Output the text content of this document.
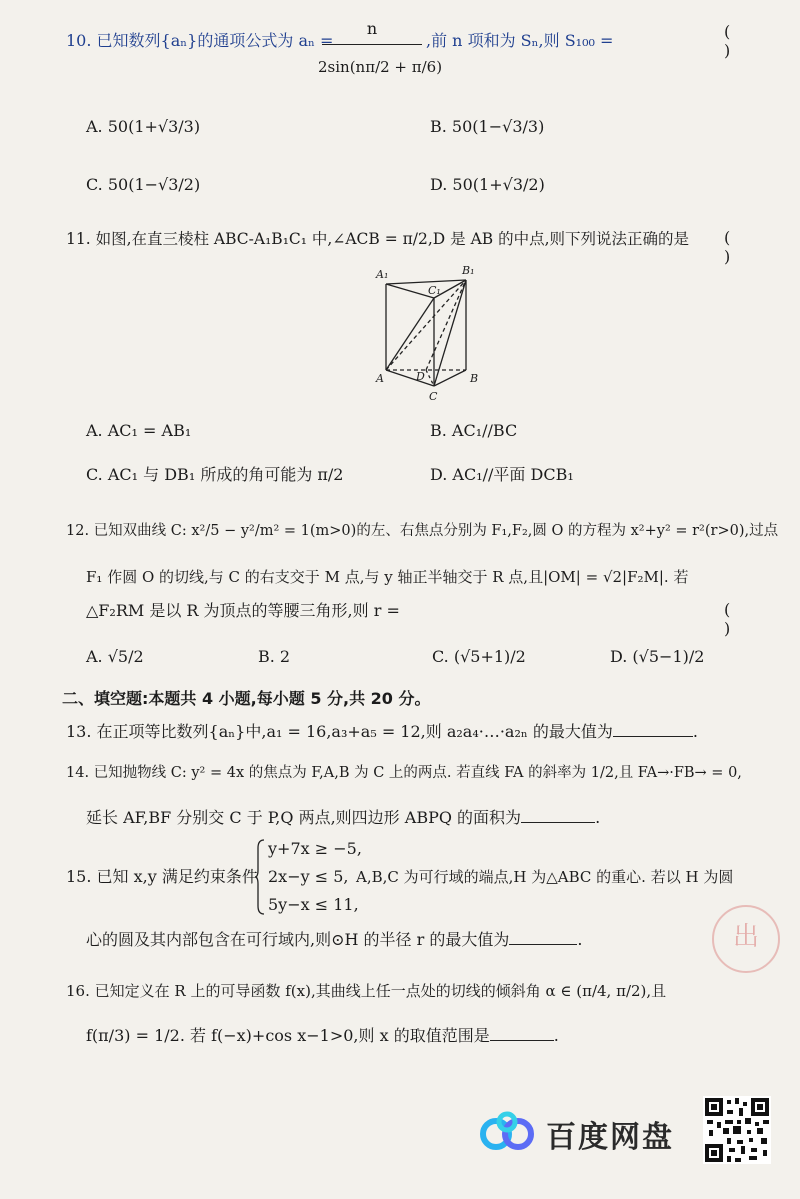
10. 已知数列{aₙ}的通项公式为 aₙ =
n
2sin(nπ/2 + π/6)
,前 n 项和为 Sₙ,则 S₁₀₀ =	( )
A. 50(1+√3/3)	B. 50(1−√3/3)
C. 50(1−√3/2)	D. 50(1+√3/2)
11. 如图,在直三棱柱 ABC-A₁B₁C₁ 中,∠ACB = π/2,D 是 AB 的中点,则下列说法正确的是 ( )
A₁	B₁
C₁
A	B
C
D
A. AC₁ = AB₁	B. AC₁//BC
C. AC₁ 与 DB₁ 所成的角可能为 π/2	D. AC₁//平面 DCB₁
12. 已知双曲线 C: x²/5 − y²/m² = 1(m>0)的左、右焦点分别为 F₁,F₂,圆 O 的方程为 x²+y² = r²(r>0),过点
F₁ 作圆 O 的切线,与 C 的右支交于 M 点,与 y 轴正半轴交于 R 点,且|OM| = √2|F₂M|. 若
△F₂RM 是以 R 为顶点的等腰三角形,则 r =	( )
A. √5/2	B. 2	C. (√5+1)/2	D. (√5−1)/2
二、填空题:本题共 4 小题,每小题 5 分,共 20 分。
13. 在正项等比数列{aₙ}中,a₁ = 16,a₃+a₅ = 12,则 a₂a₄·…·a₂ₙ 的最大值为	.
14. 已知抛物线 C: y² = 4x 的焦点为 F,A,B 为 C 上的两点. 若直线 FA 的斜率为 1/2,且 FA→·FB→ = 0,
延长 AF,BF 分别交 C 于 P,Q 两点,则四边形 ABPQ 的面积为	.
15. 已知 x,y 满足约束条件
y+7x ≥ −5,
2x−y ≤ 5,
5y−x ≤ 11,
A,B,C 为可行域的端点,H 为△ABC 的重心. 若以 H 为圆
心的圆及其内部包含在可行域内,则⊙H 的半径 r 的最大值为	.
16. 已知定义在 R 上的可导函数 f(x),其曲线上任一点处的切线的倾斜角 α ∈ (π/4, π/2),且
f(π/3) = 1/2. 若 f(−x)+cos x−1>0,则 x 的取值范围是	.
出
百度网盘
